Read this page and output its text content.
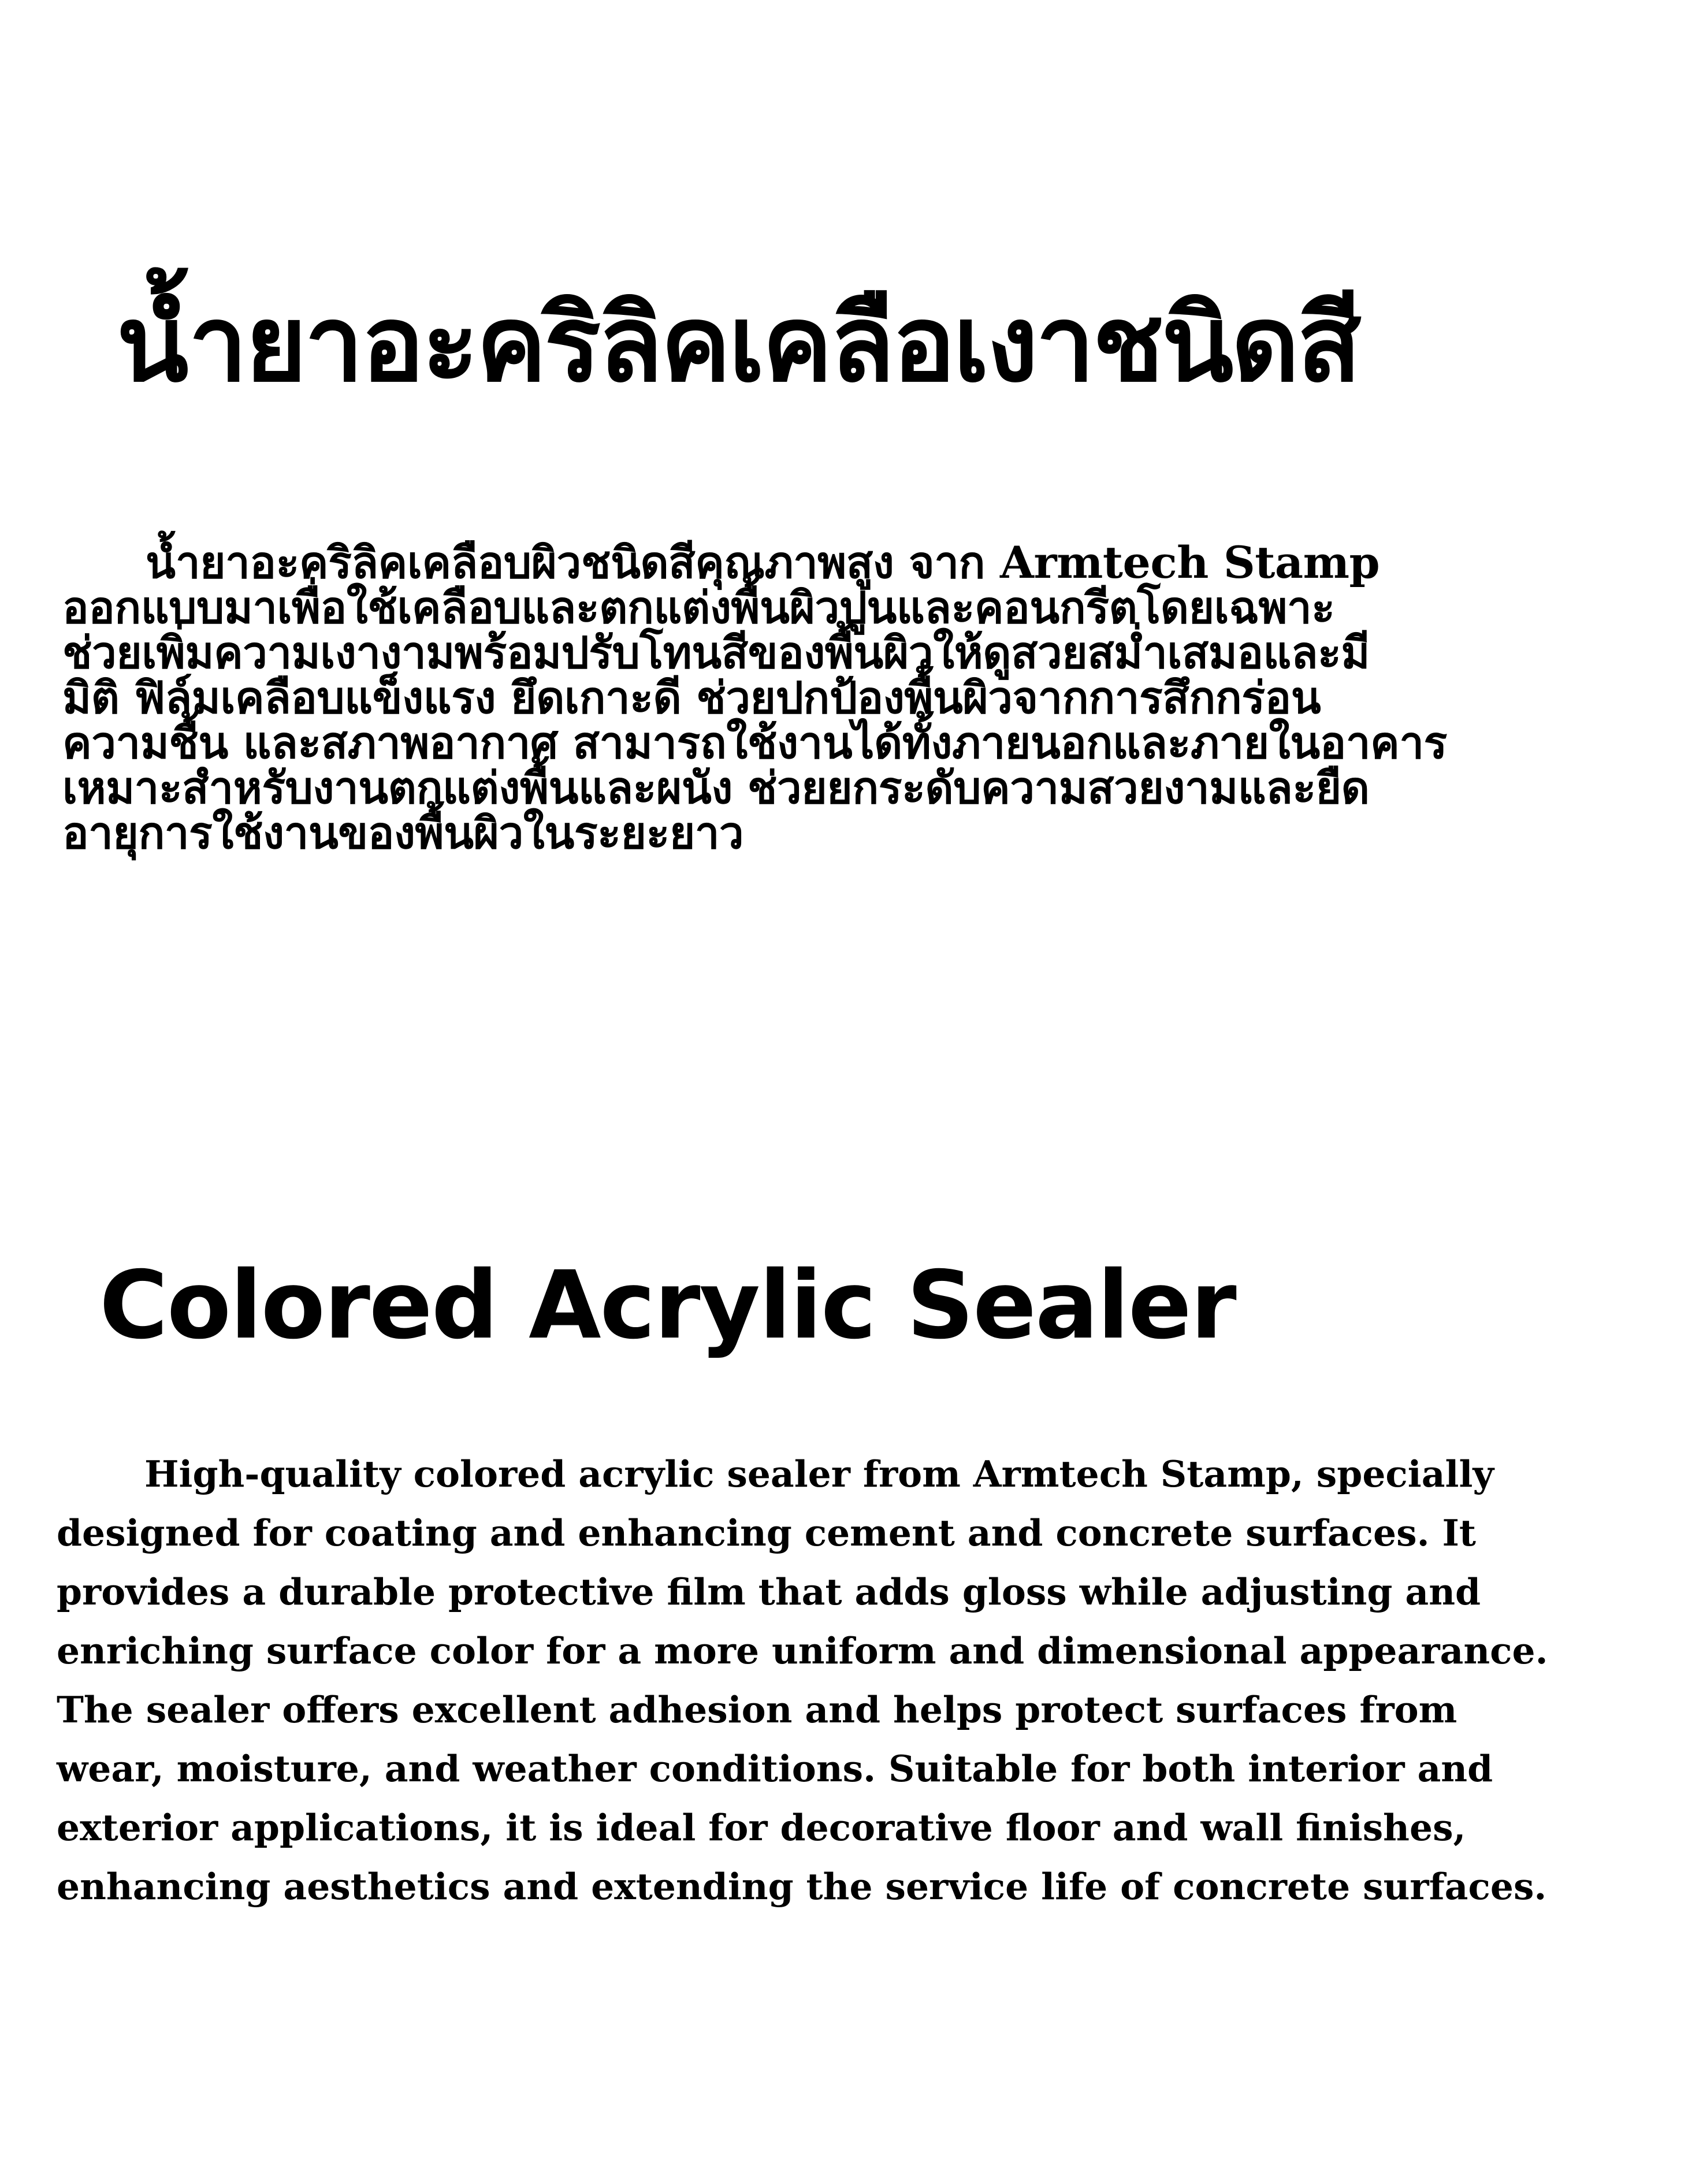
น้ำยาอะคริลิคเคลือเงาชนิดสี

น้ำยาอะคริลิคเคลือบผิวชนิดสีคุณภาพสูง จาก Armtech Stamp
ออกแบบมาเพื่อใช้เคลือบและตกแต่งพื้นผิวปูนและคอนกรีตโดยเฉพาะ
ช่วยเพิ่มความเงางามพร้อมปรับโทนสีของพื้นผิวให้ดูสวยสม่ำเสมอและมี
มิติ ฟิล์มเคลือบแข็งแรง ยึดเกาะดี ช่วยปกป้องพื้นผิวจากการสึกกร่อน
ความชื้น และสภาพอากาศ สามารถใช้งานได้ทั้งภายนอกและภายในอาคาร
เหมาะสำหรับงานตกแต่งพื้นและผนัง ช่วยยกระดับความสวยงามและยืด
อายุการใช้งานของพื้นผิวในระยะยาว

Colored Acrylic Sealer

High-quality colored acrylic sealer from Armtech Stamp, specially
designed for coating and enhancing cement and concrete surfaces. It
provides a durable protective film that adds gloss while adjusting and
enriching surface color for a more uniform and dimensional appearance.
The sealer offers excellent adhesion and helps protect surfaces from
wear, moisture, and weather conditions. Suitable for both interior and
exterior applications, it is ideal for decorative floor and wall finishes,
enhancing aesthetics and extending the service life of concrete surfaces.
